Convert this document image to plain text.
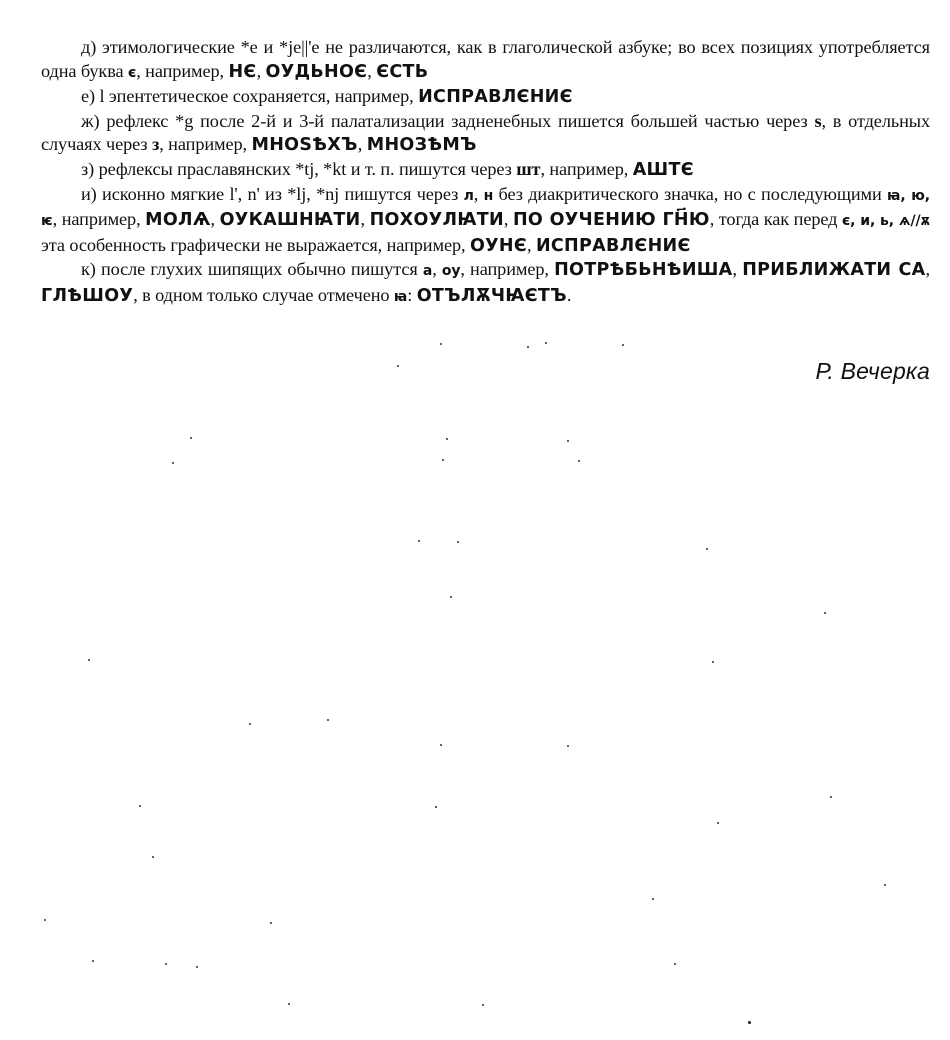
д) этимологические *е и *je||'e не различаются, как в глаголической азбуке; во всех позициях употребляется одна буква є, например, НЄ, ОУДЬНОЄ, ЄСТЬ

е) l эпентетическое сохраняется, например, ИСПРАВЛЄНИЄ

ж) рефлекс *g после 2-й и 3-й палатализации задненебных пишется большей частью через ѕ, в отдельных случаях через з, например, МНОЅѢХЪ, МНОЗѢМЪ

з) рефлексы праславянских *tj, *kt и т. п. пишутся через шт, например, АШТЄ

и) исконно мягкие l', n' из *lj, *nj пишутся через л, н без диакритического значка, но с последующими ꙗ, ю, ѥ, например, МОЛѦ, ОУКАШНꙖТИ, ПОХОУЛꙖТИ, ПО ОУЧЕНИЮ ГН҃Ю, тогда как перед є, и, ь, ѧ//ѫ эта особенность графически не выражается, например, ОУНЄ, ИСПРАВЛЄНИЄ

к) после глухих шипящих обычно пишутся а, оу, например, ПОТРѢБЬНѢИША, ПРИБЛИЖАТИ СА, ГЛѢШОУ, в одном только случае отмечено ꙗ: ОТЪЛѪЧꙖЄТЪ.

Р. Вечерка
